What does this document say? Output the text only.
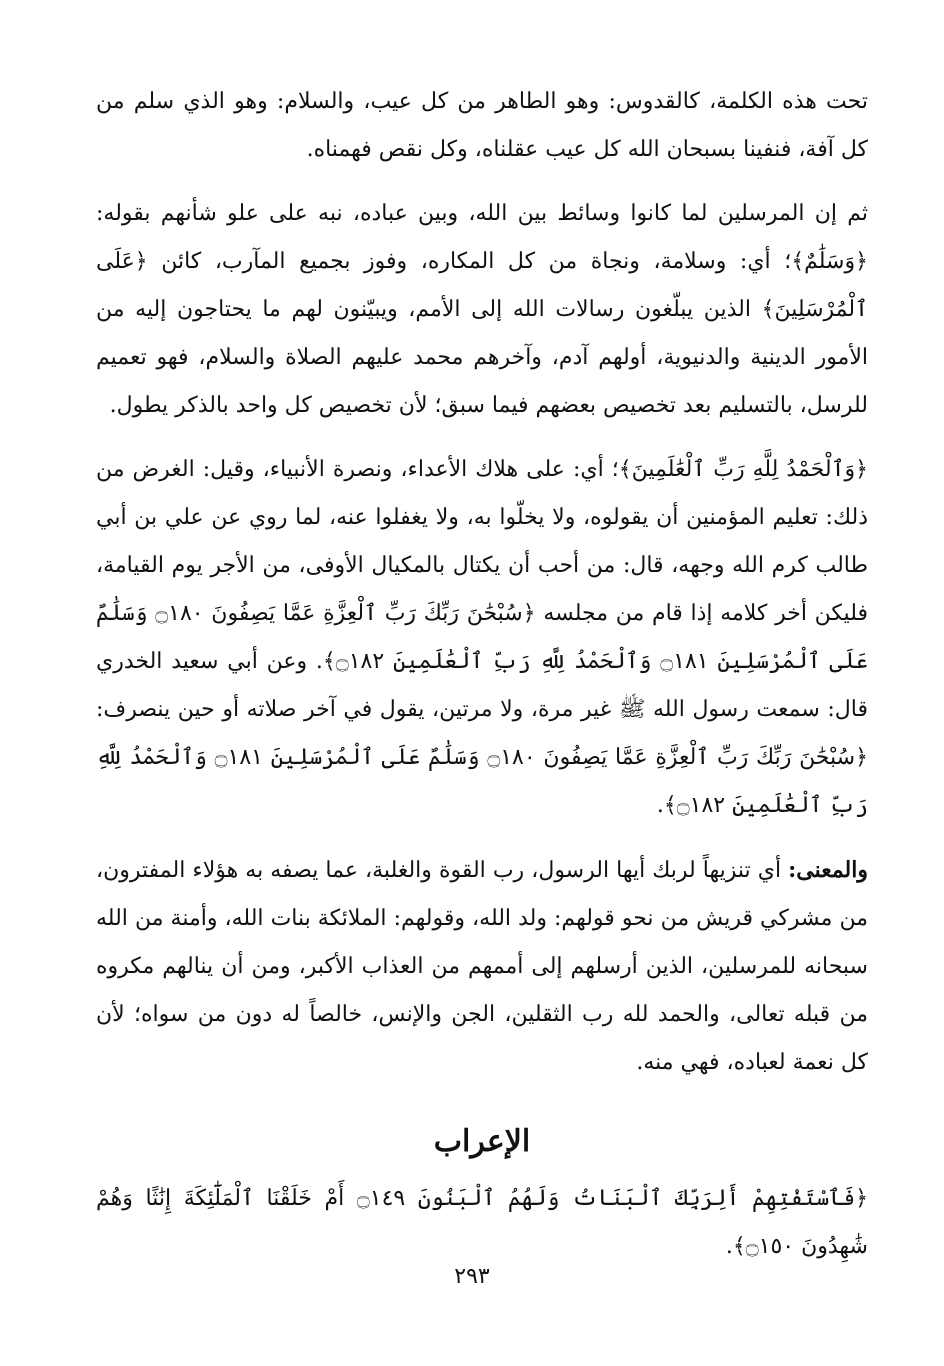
تحت هذه الكلمة، كالقدوس: وهو الطاهر من كل عيب، والسلام: وهو الذي سلم من كل آفة، فنفينا بسبحان الله كل عيب عقلناه، وكل نقص فهمناه.

ثم إن المرسلين لما كانوا وسائط بين الله، وبين عباده، نبه على علو شأنهم بقوله: ﴿وَسَلَٰمٌ﴾؛ أي: وسلامة، ونجاة من كل المكاره، وفوز بجميع المآرب، كائن ﴿عَلَى ٱلْمُرْسَلِينَ﴾ الذين يبلّغون رسالات الله إلى الأمم، ويبيّنون لهم ما يحتاجون إليه من الأمور الدينية والدنيوية، أولهم آدم، وآخرهم محمد عليهم الصلاة والسلام، فهو تعميم للرسل، بالتسليم بعد تخصيص بعضهم فيما سبق؛ لأن تخصيص كل واحد بالذكر يطول.

﴿وَٱلْحَمْدُ لِلَّهِ رَبِّ ٱلْعَٰلَمِينَ﴾؛ أي: على هلاك الأعداء، ونصرة الأنبياء، وقيل: الغرض من ذلك: تعليم المؤمنين أن يقولوه، ولا يخلّوا به، ولا يغفلوا عنه، لما روي عن علي بن أبي طالب كرم الله وجهه، قال: من أحب أن يكتال بالمكيال الأوفى، من الأجر يوم القيامة، فليكن أخر كلامه إذا قام من مجلسه ﴿سُبْحَٰنَ رَبِّكَ رَبِّ ٱلْعِزَّةِ عَمَّا يَصِفُونَ ۝١٨٠ وَسَلَٰمٌ عَلَى ٱلْمُرْسَلِينَ ۝١٨١ وَٱلْحَمْدُ لِلَّهِ رَبِّ ٱلْعَٰلَمِينَ ۝١٨٢﴾. وعن أبي سعيد الخدري قال: سمعت رسول الله ﷺ غير مرة، ولا مرتين، يقول في آخر صلاته أو حين ينصرف: ﴿سُبْحَٰنَ رَبِّكَ رَبِّ ٱلْعِزَّةِ عَمَّا يَصِفُونَ ۝١٨٠ وَسَلَٰمٌ عَلَى ٱلْمُرْسَلِينَ ۝١٨١ وَٱلْحَمْدُ لِلَّهِ رَبِّ ٱلْعَٰلَمِينَ ۝١٨٢﴾.

والمعنى: أي تنزيهاً لربك أيها الرسول، رب القوة والغلبة، عما يصفه به هؤلاء المفترون، من مشركي قريش من نحو قولهم: ولد الله، وقولهم: الملائكة بنات الله، وأمنة من الله سبحانه للمرسلين، الذين أرسلهم إلى أممهم من العذاب الأكبر، ومن أن ينالهم مكروه من قبله تعالى، والحمد لله رب الثقلين، الجن والإنس، خالصاً له دون من سواه؛ لأن كل نعمة لعباده، فهي منه.

الإعراب

﴿فَٱسْتَفْتِهِمْ أَلِرَبِّكَ ٱلْبَنَاتُ وَلَهُمُ ٱلْبَنُونَ ۝١٤٩ أَمْ خَلَقْنَا ٱلْمَلَٰٓئِكَةَ إِنَٰثًا وَهُمْ شَٰهِدُونَ ۝١٥٠﴾.

٢٩٣
